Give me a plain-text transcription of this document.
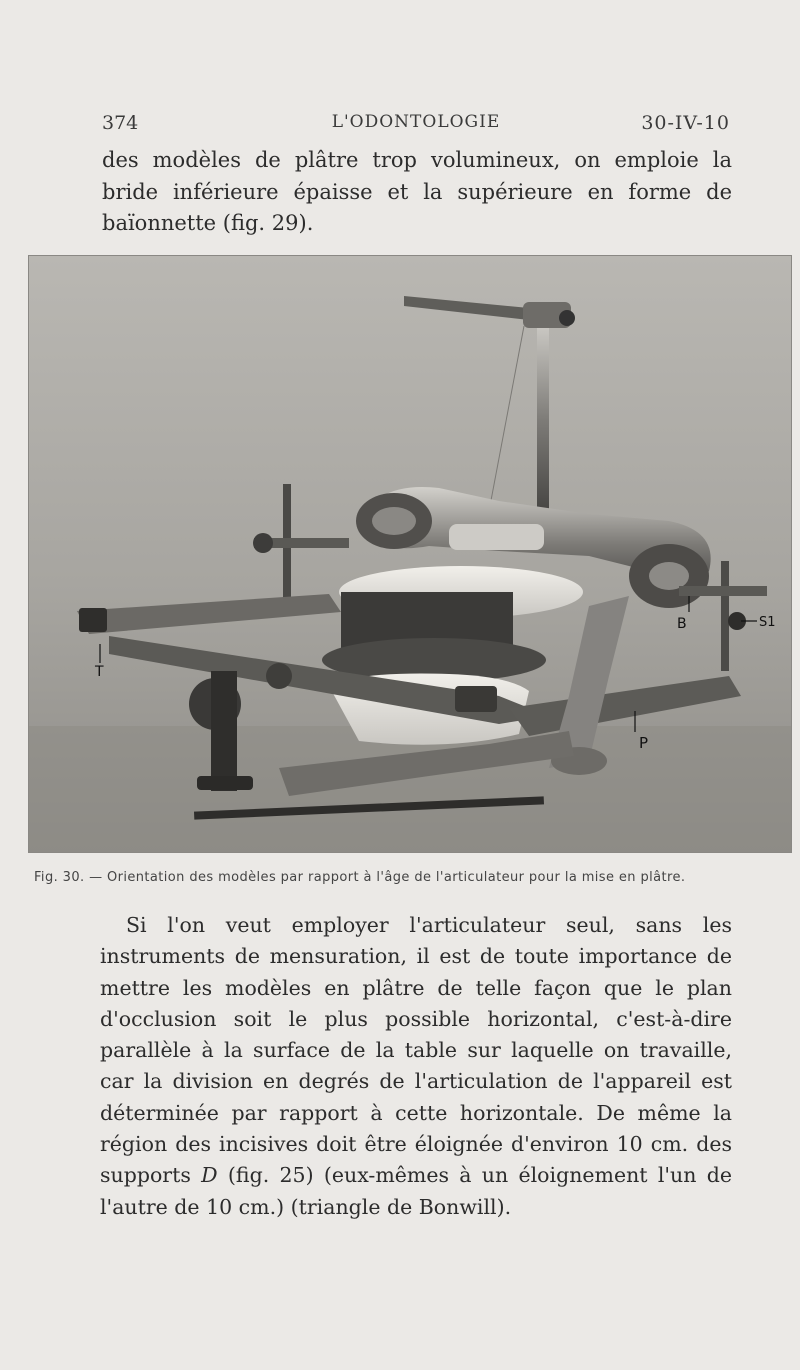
374	L'ODONTOLOGIE	30-IV-10
des modèles de plâtre trop volumineux, on emploie la bride inférieure épaisse et la supérieure en forme de baïonnette (fig. 29).
T
B	S1
P
Fig. 30. — Orientation des modèles par rapport à l'âge de l'articulateur pour la mise en plâtre.

Si l'on veut employer l'articulateur seul, sans les instruments de mensuration, il est de toute importance de mettre les modèles en plâtre de telle façon que le plan d'occlusion soit le plus possible horizontal, c'est-à-dire parallèle à la surface de la table sur laquelle on travaille, car la division en degrés de l'articulation de l'appareil est déterminée par rapport à cette horizontale. De même la région des incisives doit être éloignée d'environ 10 cm. des supports D (fig. 25) (eux-mêmes à un éloignement l'un de l'autre de 10 cm.) (triangle de Bonwill).
